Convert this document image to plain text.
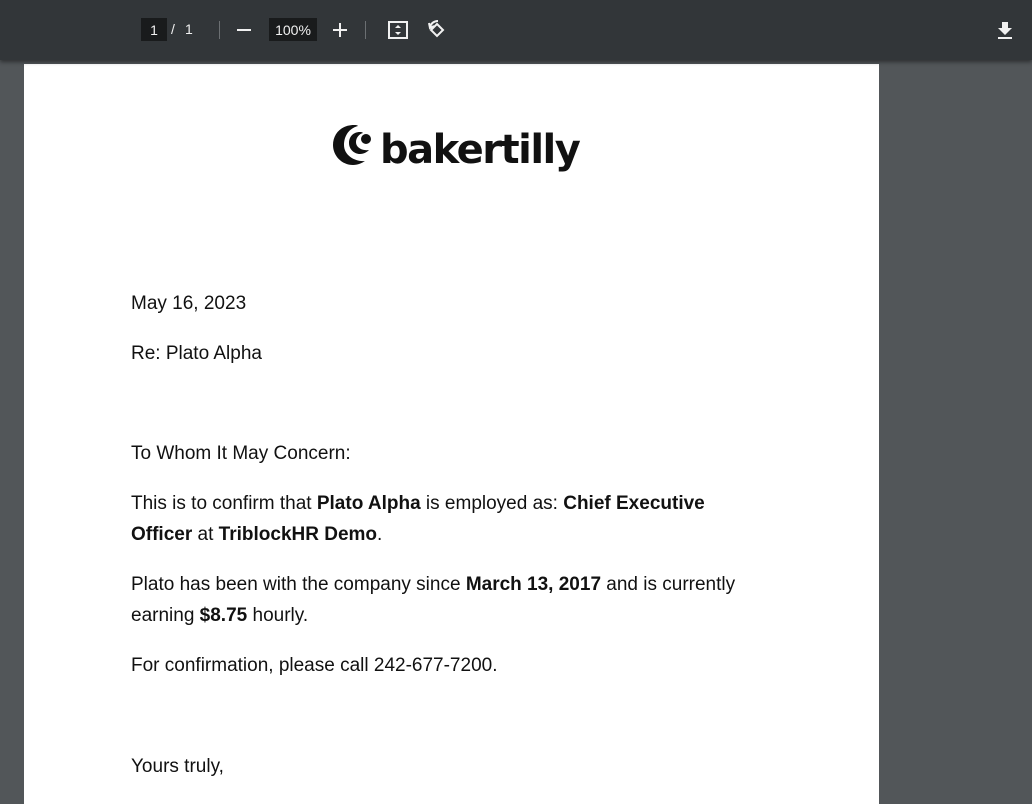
1 / 1	100%
bakertilly
May 16, 2023
Re: Plato Alpha
To Whom It May Concern:
This is to confirm that Plato Alpha is employed as: Chief Executive Officer at TriblockHR Demo.
Plato has been with the company since March 13, 2017 and is currently earning $8.75 hourly.
For confirmation, please call 242-677-7200.
Yours truly,
